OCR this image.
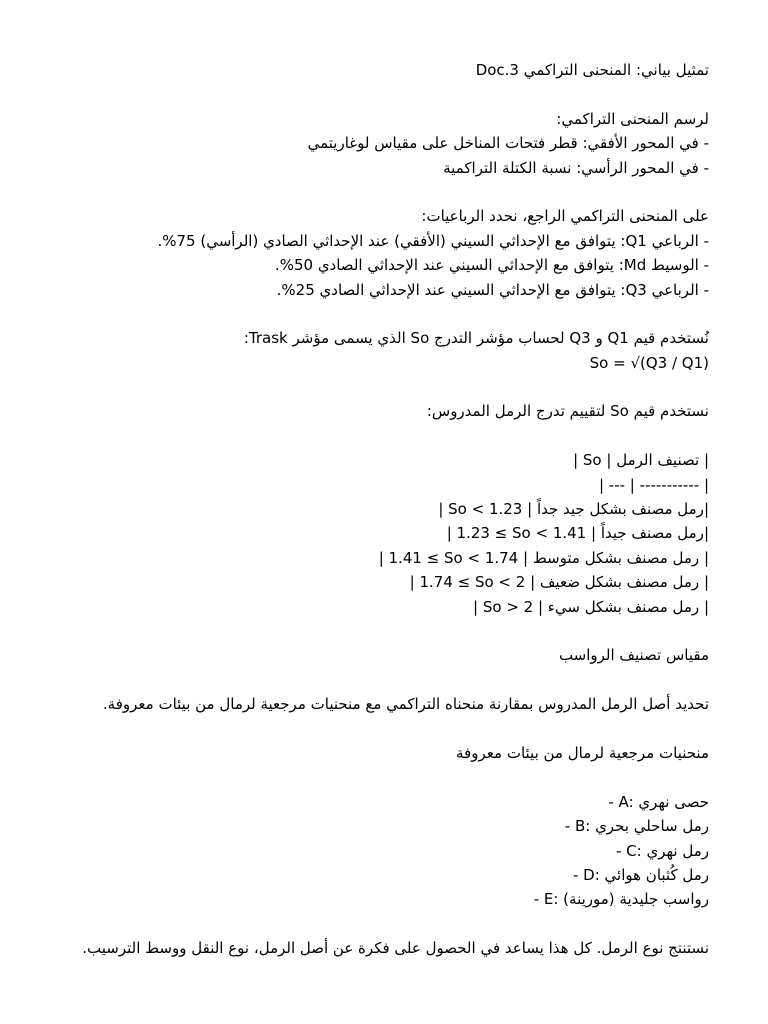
Doc.3 تمثيل بياني: المنحنى التراكمي
لرسم المنحنى التراكمي:
- في المحور الأفقي: قطر فتحات المناخل على مقياس لوغاريتمي
- في المحور الرأسي: نسبة الكتلة التراكمية
على المنحنى التراكمي الراجع، نحدد الرباعيات:
- الرباعي Q1: يتوافق مع الإحداثي السيني (الأفقي) عند الإحداثي الصادي (الرأسي) 75%.
- الوسيط Md: يتوافق مع الإحداثي السيني عند الإحداثي الصادي 50%.
- الرباعي Q3: يتوافق مع الإحداثي السيني عند الإحداثي الصادي 25%.
نُستخدم قيم Q1 و Q3 لحساب مؤشر التدرج So الذي يسمى مؤشر Trask:
So = √(Q3 / Q1)
نستخدم قيم So لتقييم تدرج الرمل المدروس:
| So | تصنيف الرمل |
| --- | ----------- |
| So < 1.23 | رمل مصنف بشكل جيد جداً|
| 1.23 ≤ So < 1.41 | رمل مصنف جيداً|
| 1.41 ≤ So < 1.74 | رمل مصنف بشكل متوسط |
| 1.74 ≤ So < 2 | رمل مصنف بشكل ضعيف |
| So > 2 | رمل مصنف بشكل سيء |
مقياس تصنيف الرواسب
تحديد أصل الرمل المدروس بمقارنة منحناه التراكمي مع منحنيات مرجعية لرمال من بيئات معروفة.
منحنيات مرجعية لرمال من بيئات معروفة
- A: حصى نهري
- B: رمل ساحلي بحري
- C: رمل نهري
- D: رمل كُثبان هوائي
- E: رواسب جليدية (مورينة)
نستنتج نوع الرمل. كل هذا يساعد في الحصول على فكرة عن أصل الرمل، نوع النقل ووسط الترسيب.
